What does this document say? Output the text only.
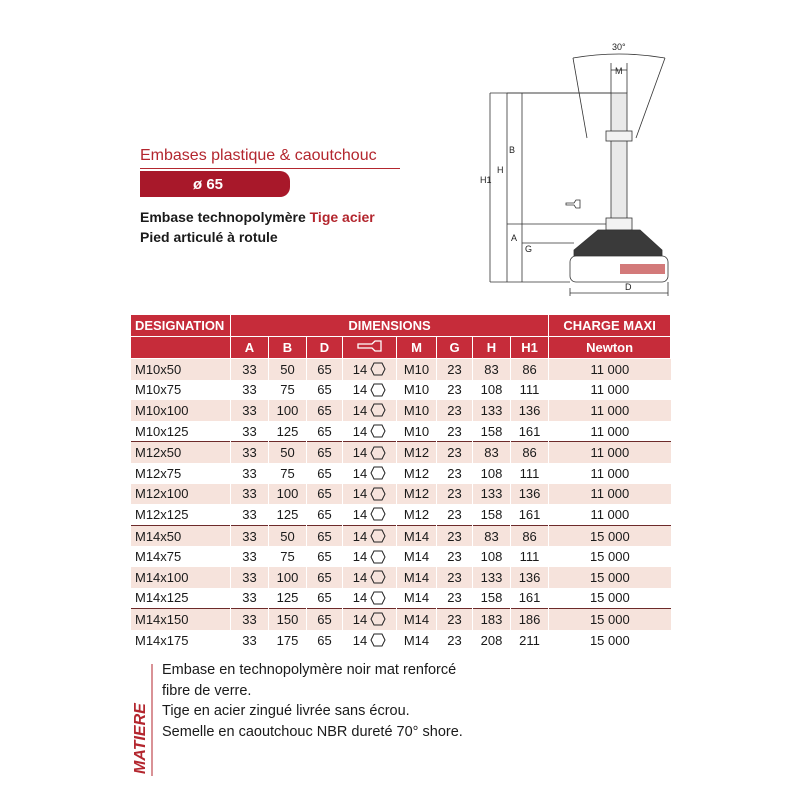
Embases plastique & caoutchouc
ø 65
Embase technopolymère Tige acier
Pied articulé à rotule
30°
M
B
H
H1
A
G
D
DESIGNATION	DIMENSIONS								CHARGE MAXI
	A	B	D		M	G	H	H1	Newton
M10x50	33	50	65	14	M10	23	83	86	11 000
M10x75	33	75	65	14	M10	23	108	111	11 000
M10x100	33	100	65	14	M10	23	133	136	11 000
M10x125	33	125	65	14	M10	23	158	161	11 000
M12x50	33	50	65	14	M12	23	83	86	11 000
M12x75	33	75	65	14	M12	23	108	111	11 000
M12x100	33	100	65	14	M12	23	133	136	11 000
M12x125	33	125	65	14	M12	23	158	161	11 000
M14x50	33	50	65	14	M14	23	83	86	15 000
M14x75	33	75	65	14	M14	23	108	111	15 000
M14x100	33	100	65	14	M14	23	133	136	15 000
M14x125	33	125	65	14	M14	23	158	161	15 000
M14x150	33	150	65	14	M14	23	183	186	15 000
M14x175	33	175	65	14	M14	23	208	211	15 000
MATIERE
Embase en technopolymère noir mat renforcé
fibre de verre.
Tige en acier zingué livrée sans écrou.
Semelle en caoutchouc NBR dureté 70° shore.
